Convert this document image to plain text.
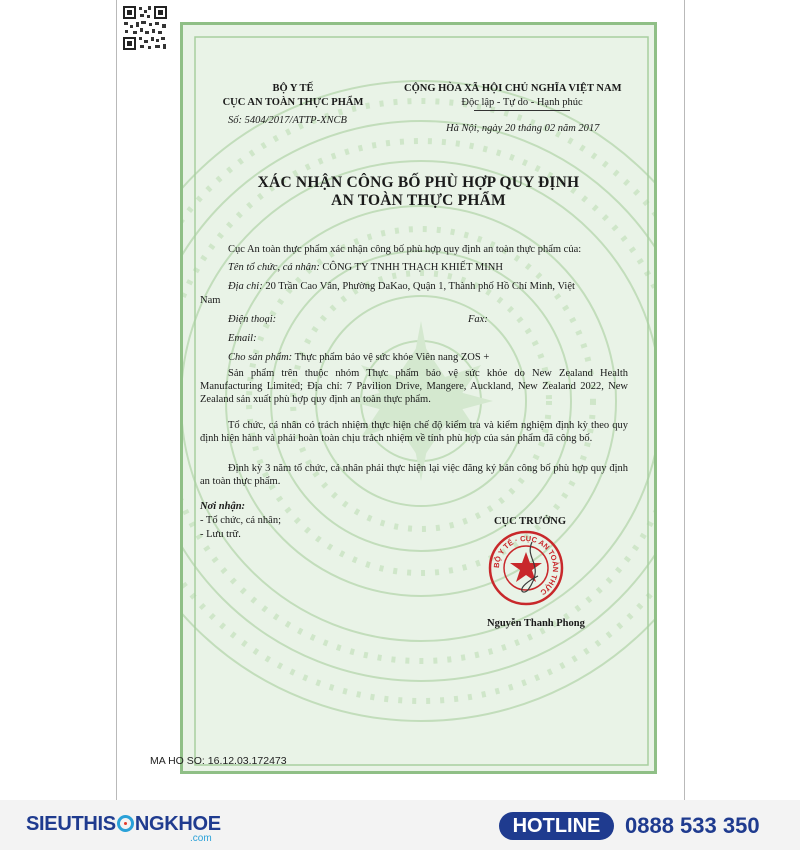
BỘ Y TẾ
CỤC AN TOÀN THỰC PHẨM
Số: 5404/2017/ATTP-XNCB
CỘNG HÒA XÃ HỘI CHỦ NGHĨA VIỆT NAM
Độc lập - Tự do - Hạnh phúc
Hà Nội, ngày 20 tháng 02 năm 2017
XÁC NHẬN CÔNG BỐ PHÙ HỢP QUY ĐỊNH
AN TOÀN THỰC PHẨM
Cục An toàn thực phẩm xác nhận công bố phù hợp quy định an toàn thực phẩm của:
Tên tổ chức, cá nhân: CÔNG TY TNHH THẠCH KHIẾT MINH
Địa chỉ: 20 Trần Cao Vân, Phường DaKao, Quận 1, Thành phố Hồ Chí Minh, Việt
Nam
Điện thoại:	Fax:
Email:
Cho sản phẩm: Thực phẩm bảo vệ sức khỏe Viên nang ZOS +
Sản phẩm trên thuộc nhóm Thực phẩm bảo vệ sức khỏe do New Zealand Health Manufacturing Limited; Địa chỉ: 7 Pavilion Drive, Mangere, Auckland, New Zealand 2022, New Zealand sản xuất phù hợp quy định an toàn thực phẩm.
Tổ chức, cá nhân có trách nhiệm thực hiện chế độ kiểm tra và kiểm nghiệm định kỳ theo quy định hiện hành và phải hoàn toàn chịu trách nhiệm về tính phù hợp của sản phẩm đã công bố.
Định kỳ 3 năm tổ chức, cá nhân phải thực hiện lại việc đăng ký bản công bố phù hợp quy định an toàn thực phẩm.
Nơi nhận:
- Tổ chức, cá nhân;
- Lưu trữ.
CỤC TRƯỞNG
BỘ Y TẾ · CỤC AN TOÀN THỰC
Nguyễn Thanh Phong
MA HO SO: 16.12.03.172473
SIEUTHIS NGKHOE
.com
HOTLINE	0888 533 350
